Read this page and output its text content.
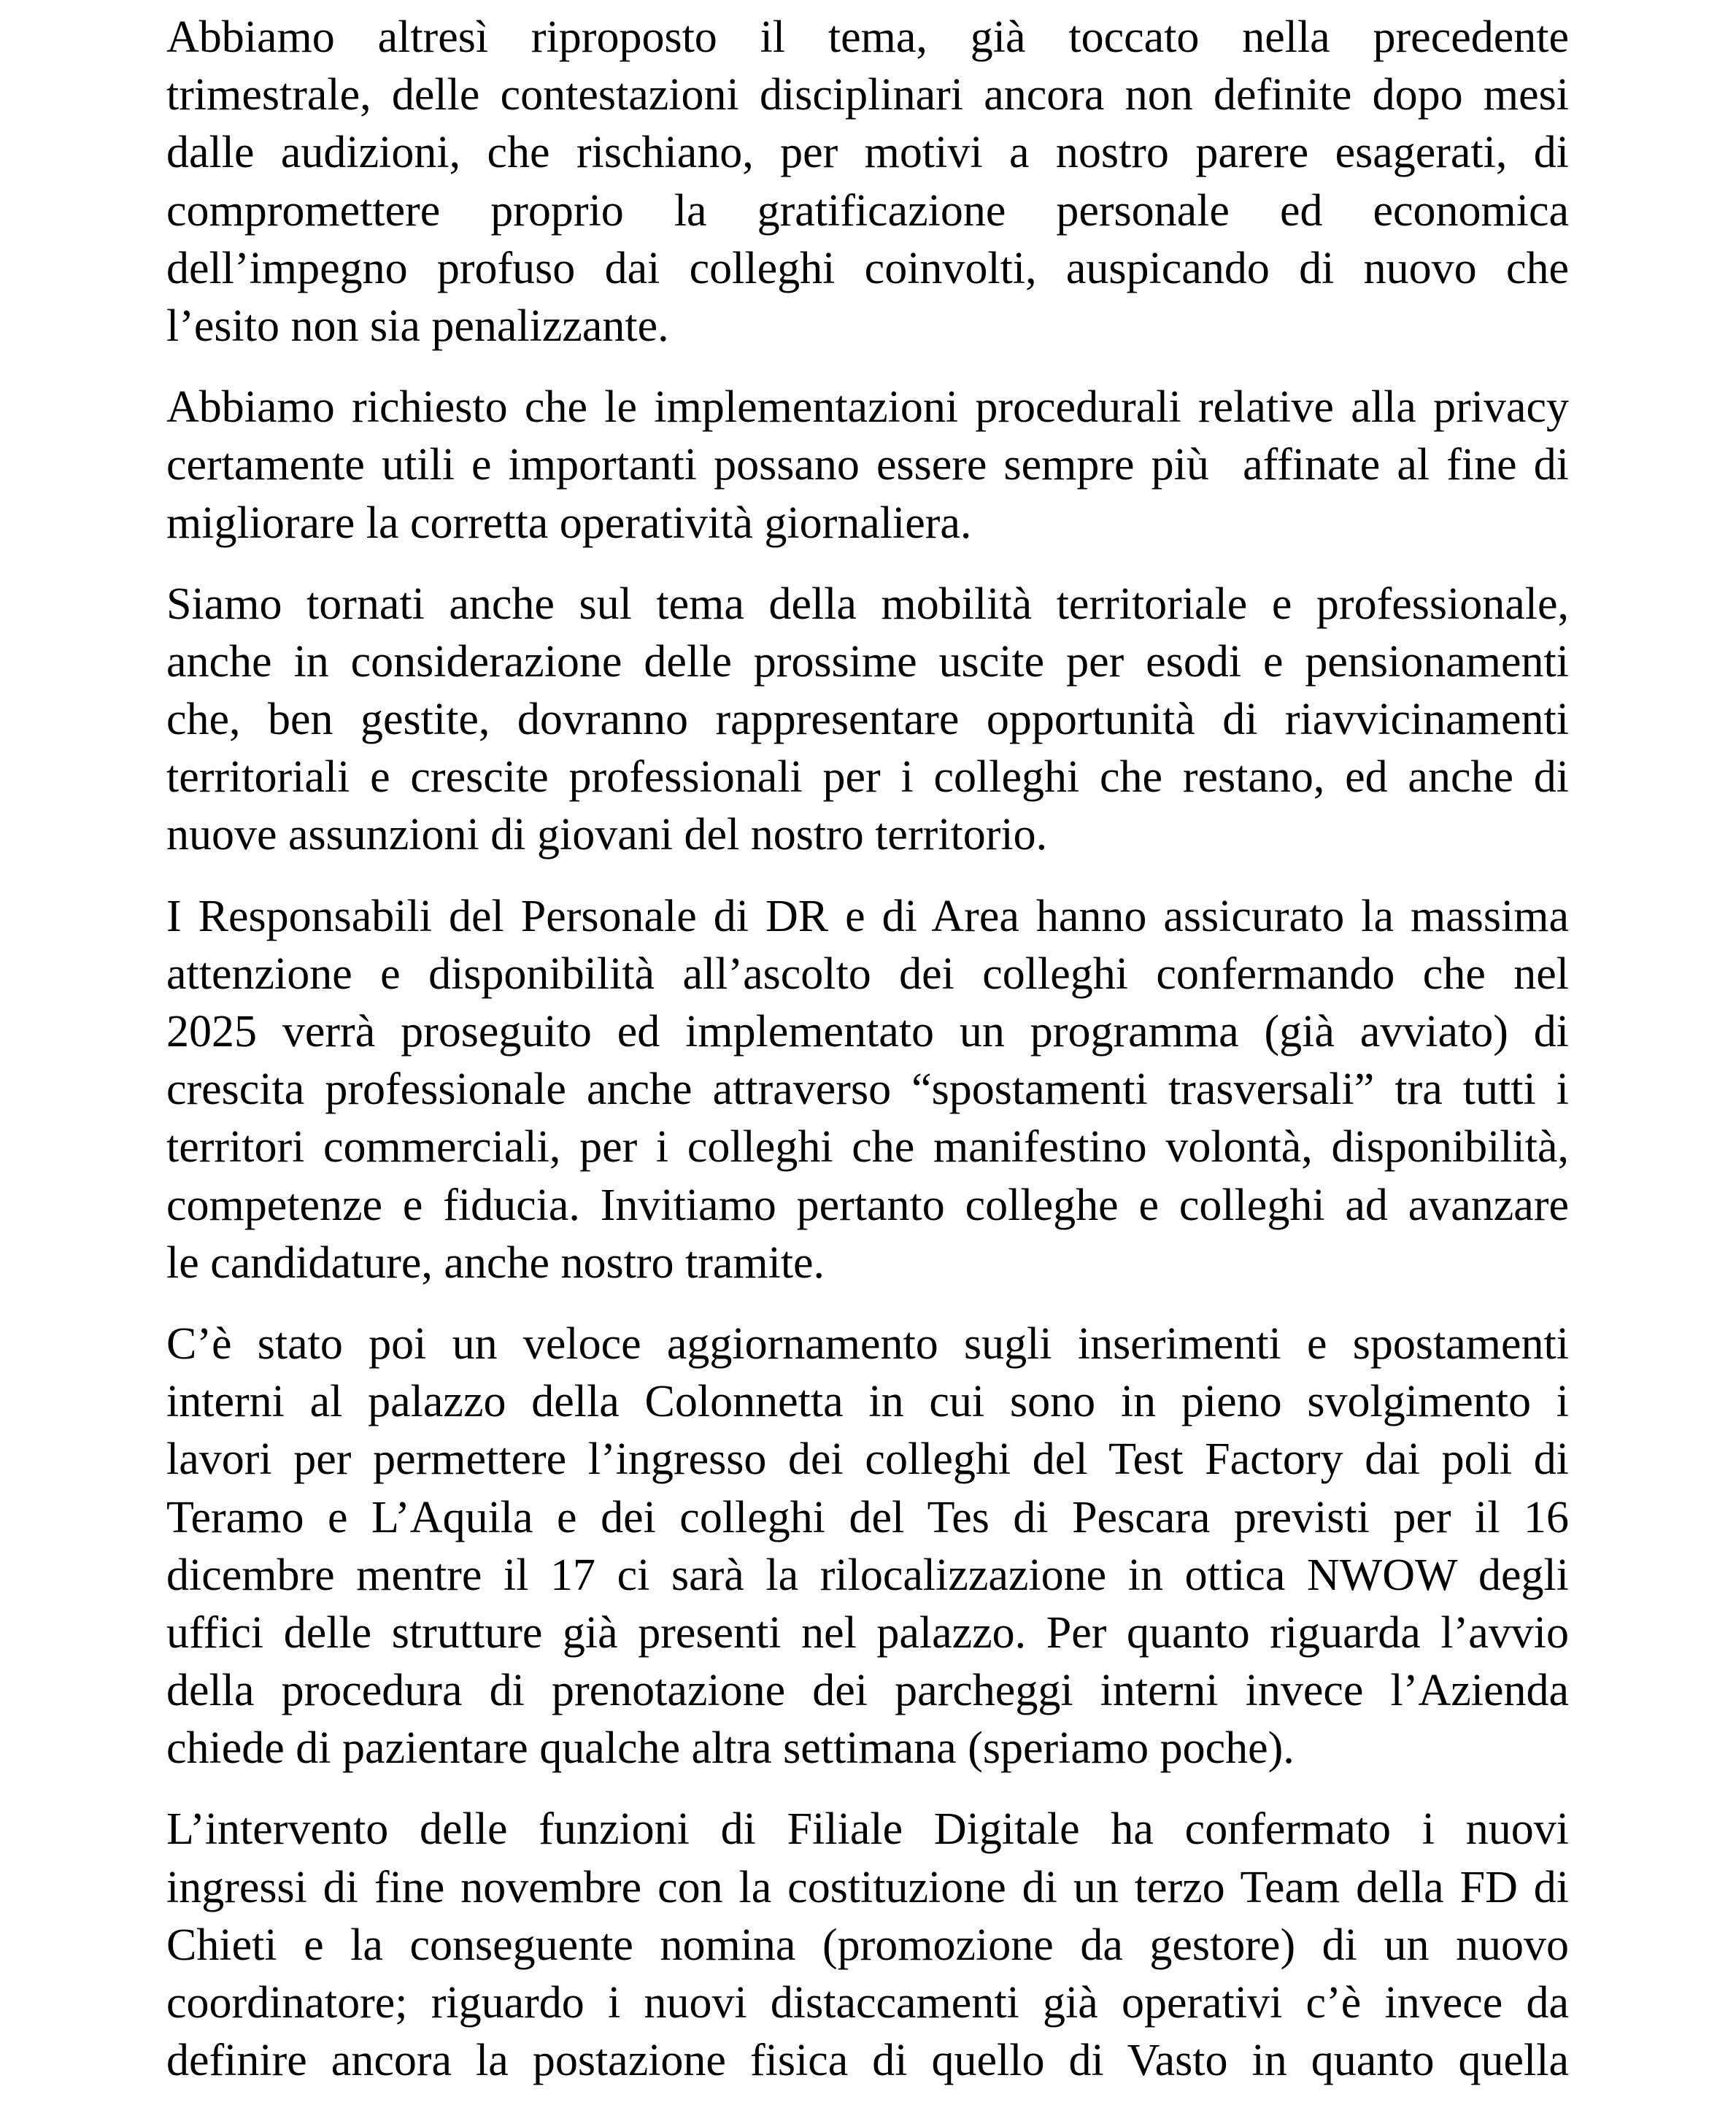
Abbiamo altresì riproposto il tema, già toccato nella precedente
trimestrale, delle contestazioni disciplinari ancora non definite dopo mesi
dalle audizioni, che rischiano, per motivi a nostro parere esagerati, di
compromettere proprio la gratificazione personale ed economica
dell’impegno profuso dai colleghi coinvolti, auspicando di nuovo che
l’esito non sia penalizzante.

Abbiamo richiesto che le implementazioni procedurali relative alla privacy
certamente utili e importanti possano essere sempre più  affinate al fine di
migliorare la corretta operatività giornaliera.

Siamo tornati anche sul tema della mobilità territoriale e professionale,
anche in considerazione delle prossime uscite per esodi e pensionamenti
che, ben gestite, dovranno rappresentare opportunità di riavvicinamenti
territoriali e crescite professionali per i colleghi che restano, ed anche di
nuove assunzioni di giovani del nostro territorio.

I Responsabili del Personale di DR e di Area hanno assicurato la massima
attenzione e disponibilità all’ascolto dei colleghi confermando che nel
2025 verrà proseguito ed implementato un programma (già avviato) di
crescita professionale anche attraverso “spostamenti trasversali” tra tutti i
territori commerciali, per i colleghi che manifestino volontà, disponibilità,
competenze e fiducia. Invitiamo pertanto colleghe e colleghi ad avanzare
le candidature, anche nostro tramite.

C’è stato poi un veloce aggiornamento sugli inserimenti e spostamenti
interni al palazzo della Colonnetta in cui sono in pieno svolgimento i
lavori per permettere l’ingresso dei colleghi del Test Factory dai poli di
Teramo e L’Aquila e dei colleghi del Tes di Pescara previsti per il 16
dicembre mentre il 17 ci sarà la rilocalizzazione in ottica NWOW degli
uffici delle strutture già presenti nel palazzo. Per quanto riguarda l’avvio
della procedura di prenotazione dei parcheggi interni invece l’Azienda
chiede di pazientare qualche altra settimana (speriamo poche).

L’intervento delle funzioni di Filiale Digitale ha confermato i nuovi
ingressi di fine novembre con la costituzione di un terzo Team della FD di
Chieti e la conseguente nomina (promozione da gestore) di un nuovo
coordinatore; riguardo i nuovi distaccamenti già operativi c’è invece da
definire ancora la postazione fisica di quello di Vasto in quanto quella
